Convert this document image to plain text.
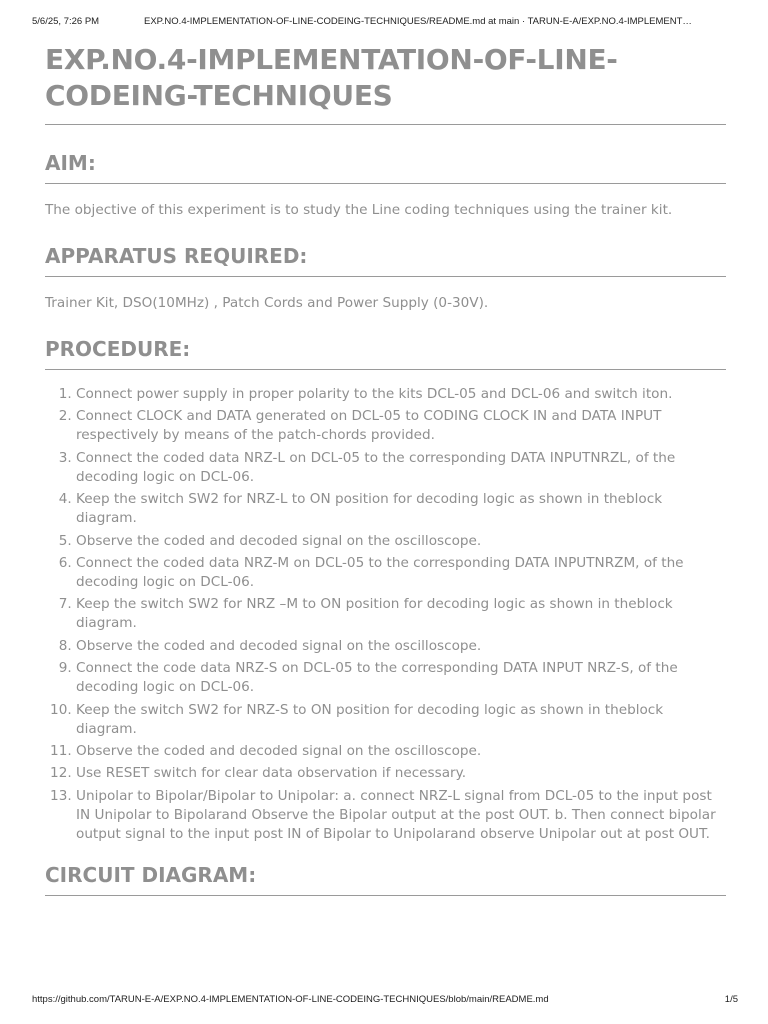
5/6/25, 7:26 PM	EXP.NO.4-IMPLEMENTATION-OF-LINE-CODEING-TECHNIQUES/README.md at main · TARUN-E-A/EXP.NO.4-IMPLEMENT…
EXP.NO.4-IMPLEMENTATION-OF-LINE-
CODEING-TECHNIQUES
AIM:

The objective of this experiment is to study the Line coding techniques using the trainer kit.

APPARATUS REQUIRED:

Trainer Kit, DSO(10MHz) , Patch Cords and Power Supply (0-30V).

PROCEDURE:
1. Connect power supply in proper polarity to the kits DCL-05 and DCL-06 and switch iton.
2. Connect CLOCK and DATA generated on DCL-05 to CODING CLOCK IN and DATA INPUT respectively by means of the patch-chords provided.
3. Connect the coded data NRZ-L on DCL-05 to the corresponding DATA INPUTNRZL, of the decoding logic on DCL-06.
4. Keep the switch SW2 for NRZ-L to ON position for decoding logic as shown in theblock diagram.
5. Observe the coded and decoded signal on the oscilloscope.
6. Connect the coded data NRZ-M on DCL-05 to the corresponding DATA INPUTNRZM, of the decoding logic on DCL-06.
7. Keep the switch SW2 for NRZ –M to ON position for decoding logic as shown in theblock diagram.
8. Observe the coded and decoded signal on the oscilloscope.
9. Connect the code data NRZ-S on DCL-05 to the corresponding DATA INPUT NRZ-S, of the decoding logic on DCL-06.
10. Keep the switch SW2 for NRZ-S to ON position for decoding logic as shown in theblock diagram.
11. Observe the coded and decoded signal on the oscilloscope.
12. Use RESET switch for clear data observation if necessary.
13. Unipolar to Bipolar/Bipolar to Unipolar: a. connect NRZ-L signal from DCL-05 to the input post IN Unipolar to Bipolarand Observe the Bipolar output at the post OUT. b. Then connect bipolar output signal to the input post IN of Bipolar to Unipolarand observe Unipolar out at post OUT.
CIRCUIT DIAGRAM:
https://github.com/TARUN-E-A/EXP.NO.4-IMPLEMENTATION-OF-LINE-CODEING-TECHNIQUES/blob/main/README.md	1/5
